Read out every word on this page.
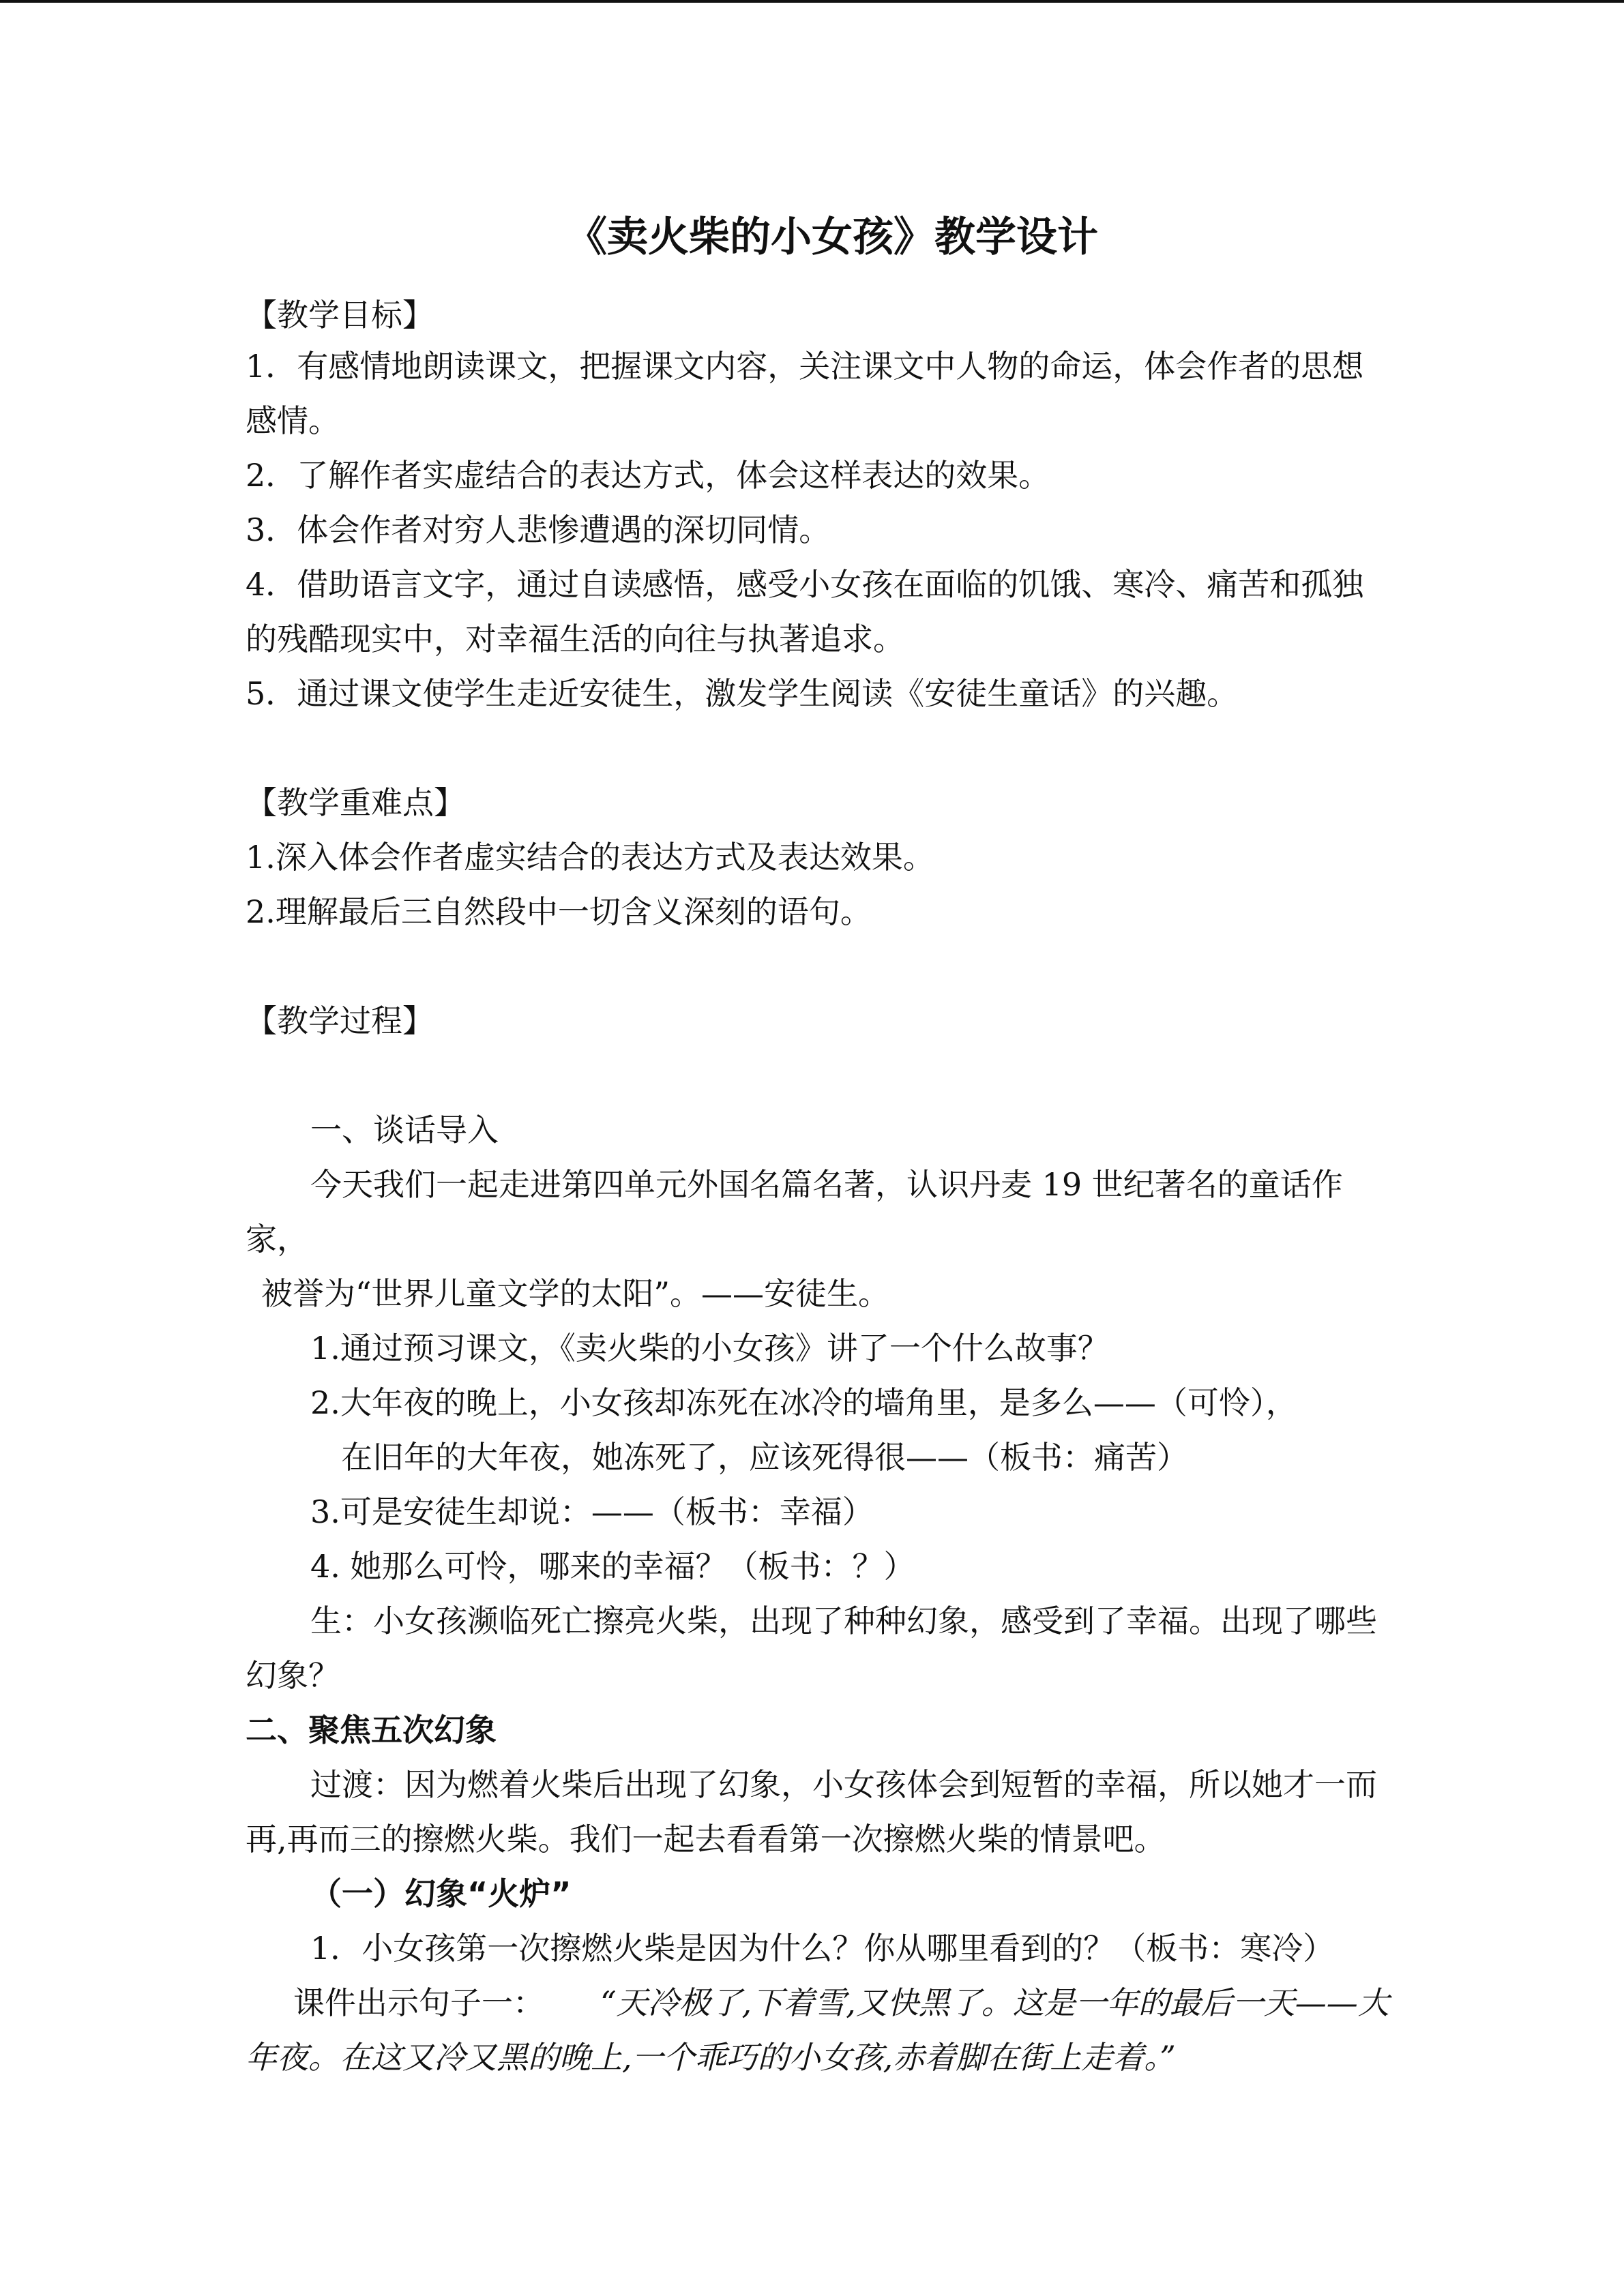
《卖火柴的小女孩》教学设计
【教学目标】
1．有感情地朗读课文，把握课文内容，关注课文中人物的命运，体会作者的思想
感情。
2．了解作者实虚结合的表达方式，体会这样表达的效果。
3．体会作者对穷人悲惨遭遇的深切同情。
4．借助语言文字，通过自读感悟，感受小女孩在面临的饥饿、寒冷、痛苦和孤独
的残酷现实中，对幸福生活的向往与执著追求。
5．通过课文使学生走近安徒生，激发学生阅读《安徒生童话》的兴趣。
【教学重难点】
1.深入体会作者虚实结合的表达方式及表达效果。
2.理解最后三自然段中一切含义深刻的语句。
【教学过程】
一、谈话导入
今天我们一起走进第四单元外国名篇名著，认识丹麦 19 世纪著名的童话作
家，
被誉为“世界儿童文学的太阳”。——安徒生。
1.通过预习课文，《卖火柴的小女孩》讲了一个什么故事？
2.大年夜的晚上，小女孩却冻死在冰冷的墙角里，是多么——（可怜），
在旧年的大年夜，她冻死了，应该死得很——（板书：痛苦）
3.可是安徒生却说：——（板书：幸福）
4. 她那么可怜，哪来的幸福？（板书：？）
生：小女孩濒临死亡擦亮火柴，出现了种种幻象，感受到了幸福。出现了哪些
幻象？
二、聚焦五次幻象
过渡：因为燃着火柴后出现了幻象，小女孩体会到短暂的幸福，所以她才一而
再,再而三的擦燃火柴。我们一起去看看第一次擦燃火柴的情景吧。
（一）幻象“火炉”
1．小女孩第一次擦燃火柴是因为什么？你从哪里看到的？（板书：寒冷）
课件出示句子一： “天冷极了,下着雪,又快黑了。这是一年的最后一天——大
年夜。在这又冷又黑的晚上,一个乖巧的小女孩,赤着脚在街上走着。”
